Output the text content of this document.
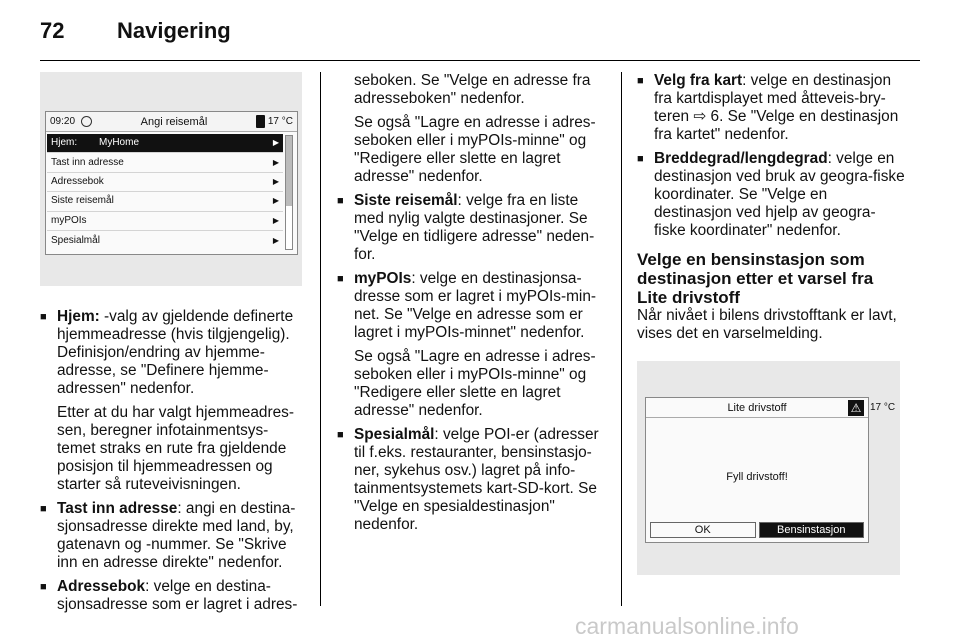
72 Navigering
09:20	Angi reisemål	17 °C
Hjem:	MyHome	▶
Tast inn adresse	▶
Adressebok	▶
Siste reisemål	▶
myPOIs	▶
Spesialmål	▶
■ Hjem: -valg av gjeldende definerte hjemmeadresse (hvis tilgjengelig). Definisjon/endring av hjemme-adresse, se "Definere hjemme-adressen" nedenfor.
Etter at du har valgt hjemmeadres-sen, beregner infotainmentsys-temet straks en rute fra gjeldende posisjon til hjemmeadressen og starter så ruteveivisningen.
■ Tast inn adresse: angi en destina-sjonsadresse direkte med land, by, gatenavn og -nummer. Se "Skrive inn en adresse direkte" nedenfor.
■ Adressebok: velge en destina-sjonsadresse som er lagret i adres-
seboken. Se "Velge en adresse fra adresseboken" nedenfor.
Se også "Lagre en adresse i adres-seboken eller i myPOIs-minne" og "Redigere eller slette en lagret adresse" nedenfor.
■ Siste reisemål: velge fra en liste med nylig valgte destinasjoner. Se "Velge en tidligere adresse" neden-for.
■ myPOIs: velge en destinasjonsa-dresse som er lagret i myPOIs-min-net. Se "Velge en adresse som er lagret i myPOIs-minnet" nedenfor.
Se også "Lagre en adresse i adres-seboken eller i myPOIs-minne" og "Redigere eller slette en lagret adresse" nedenfor.
■ Spesialmål: velge POI-er (adresser til f.eks. restauranter, bensinstasjo-ner, sykehus osv.) lagret på info-tainmentsystemets kart-SD-kort. Se "Velge en spesialdestinasjon" nedenfor.
■ Velg fra kart: velge en destinasjon fra kartdisplayet med åtteveis-bry-teren ⇨ 6. Se "Velge en destinasjon fra kartet" nedenfor.
■ Breddegrad/lengdegrad: velge en destinasjon ved bruk av geogra-fiske koordinater. Se "Velge en destinasjon ved hjelp av geogra-fiske koordinater" nedenfor.
Velge en bensinstasjon som destinasjon etter et varsel fra Lite drivstoff
Når nivået i bilens drivstofftank er lavt, vises det en varselmelding.
Lite drivstoff	⚠
Fyll drivstoff!
OK	Bensinstasjon
17 °C
carmanualsonline.info
